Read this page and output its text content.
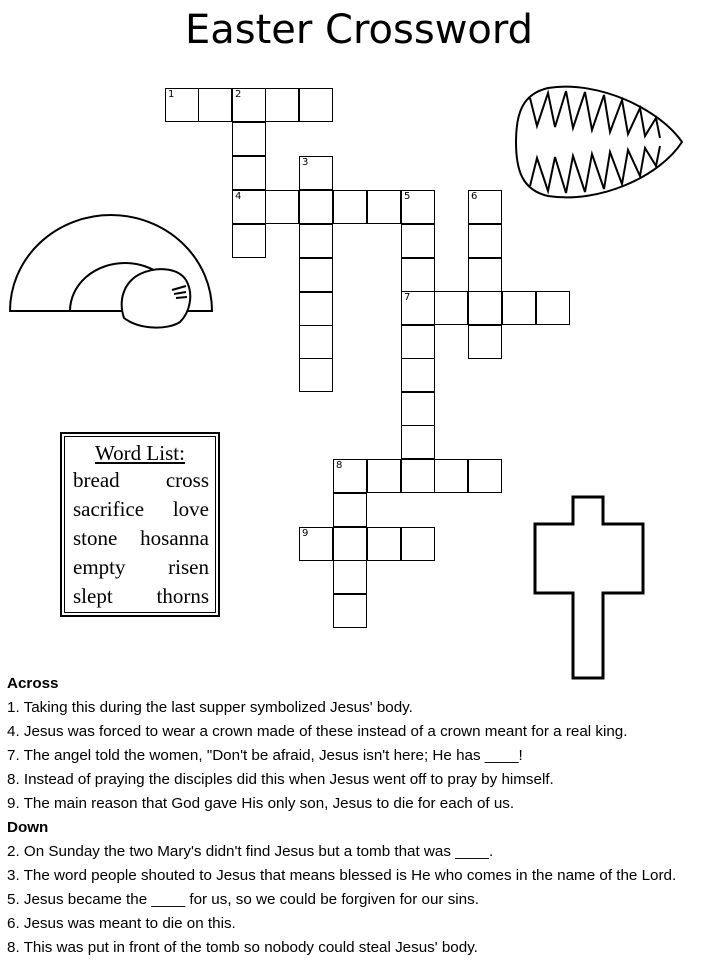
Easter Crossword
1	2
4	5
3
6
7
8
9
Word List:
bread cross
sacrifice love
stone hosanna
empty risen
slept thorns
Across
1. Taking this during the last supper symbolized Jesus' body.
4. Jesus was forced to wear a crown made of these instead of a crown meant for a real king.
7. The angel told the women, "Don't be afraid, Jesus isn't here; He has ____!
8. Instead of praying the disciples did this when Jesus went off to pray by himself.
9. The main reason that God gave His only son, Jesus to die for each of us.
Down
2. On Sunday the two Mary's didn't find Jesus but a tomb that was ____.
3. The word people shouted to Jesus that means blessed is He who comes in the name of the Lord.
5. Jesus became the ____ for us, so we could be forgiven for our sins.
6. Jesus was meant to die on this.
8. This was put in front of the tomb so nobody could steal Jesus' body.
